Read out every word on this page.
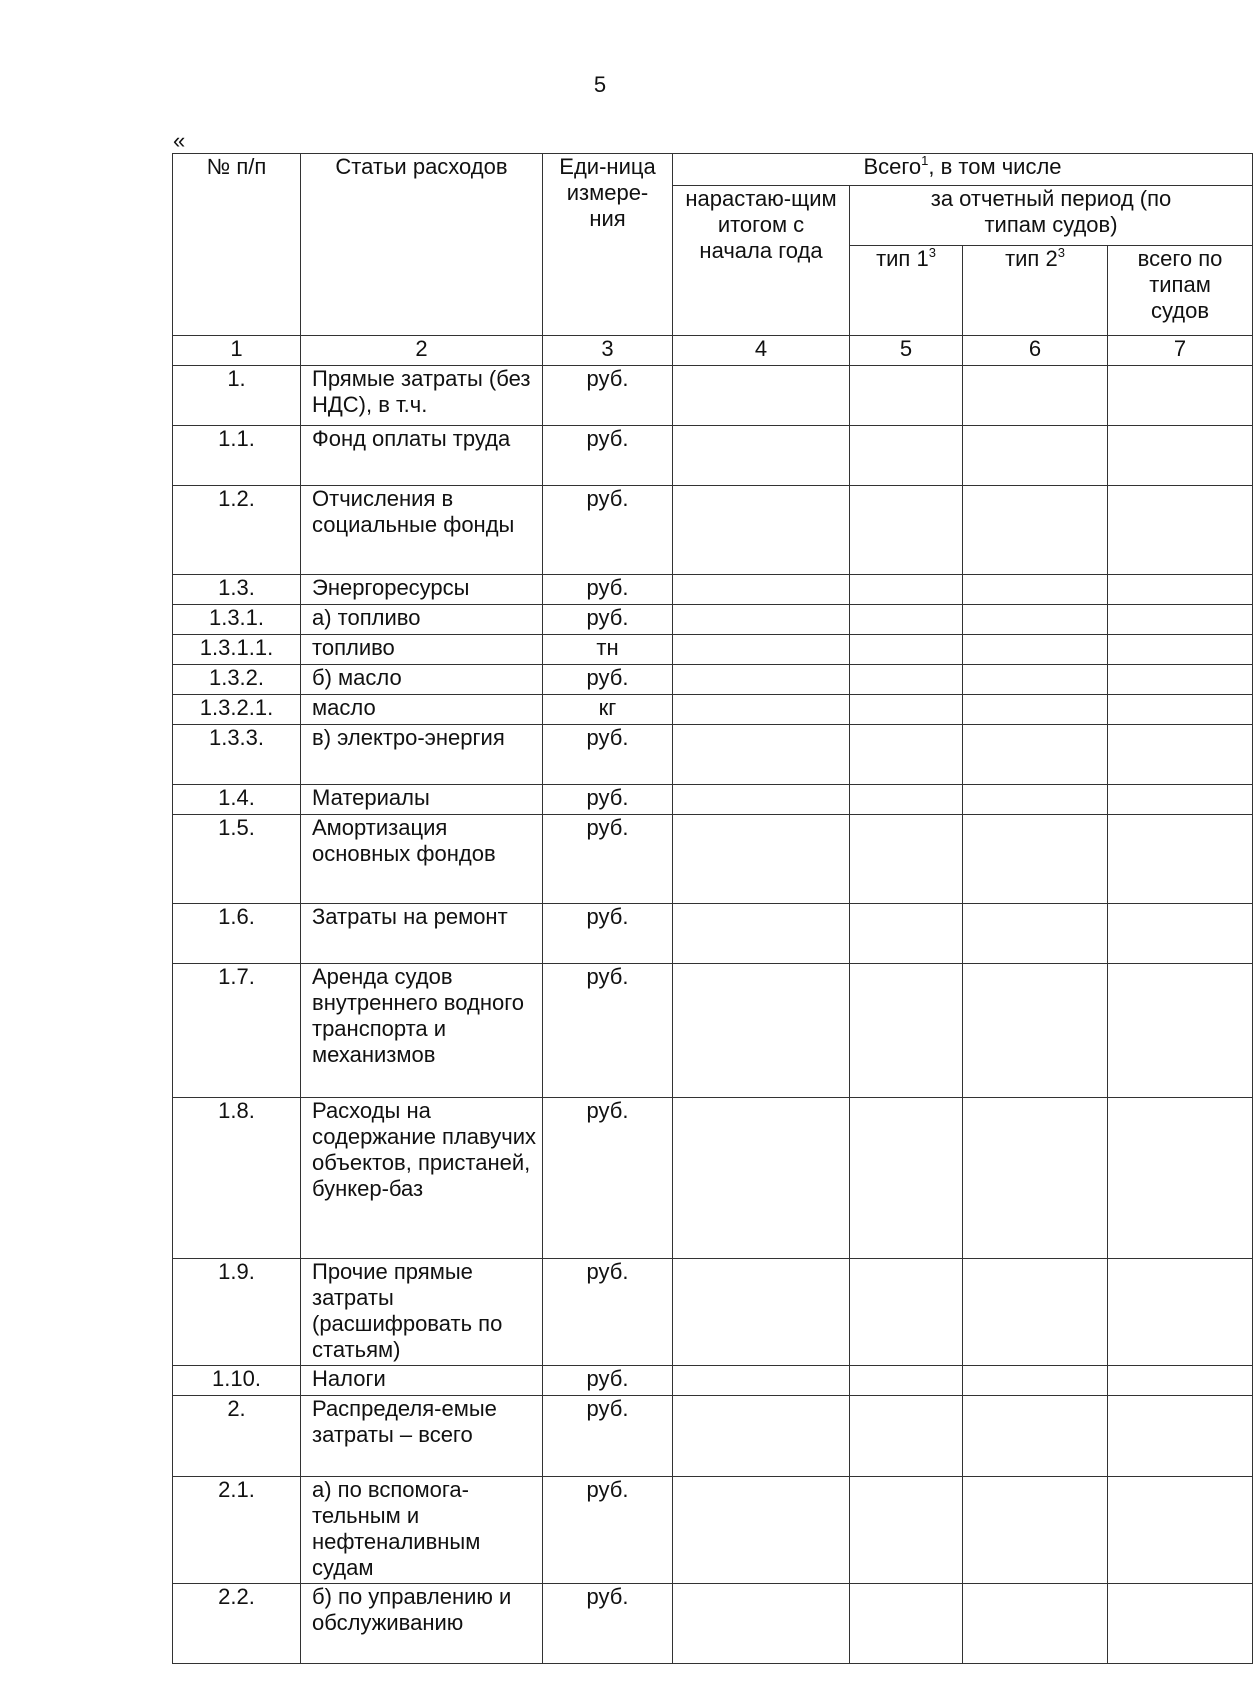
5
«
№ п/п	Статьи расходов	Еди-ница измере-ния	Всего$^1$, в том числе			
			нарастаю-щим итогом с начала года	за отчетный период (по типам судов)		
				тип $1^3$	тип $2^3$	всего по типам судов
1	2	3	4	5	6	7
1.	Прямые затраты (без НДС), в т.ч.	руб.				
1.1.	Фонд оплаты труда	руб.				
1.2.	Отчисления в социальные фонды	руб.				
1.3.	Энергоресурсы	руб.				
1.3.1.	а) топливо	руб.				
1.3.1.1.	топливо	тн				
1.3.2.	б) масло	руб.				
1.3.2.1.	масло	кг				
1.3.3.	в) электро-энергия	руб.				
1.4.	Материалы	руб.				
1.5.	Амортизация основных фондов	руб.				
1.6.	Затраты на ремонт	руб.				
1.7.	Аренда судов внутреннего водного транспорта и механизмов	руб.				
1.8.	Расходы на содержание плавучих объектов, пристаней, бункер-баз	руб.				
1.9.	Прочие прямые затраты (расшифровать по статьям)	руб.				
1.10.	Налоги	руб.				
2.	Распределя-емые затраты – всего	руб.				
2.1.	а) по вспомога-тельным и нефтеналивным судам	руб.				
2.2.	б) по управлению и обслуживанию	руб.				
